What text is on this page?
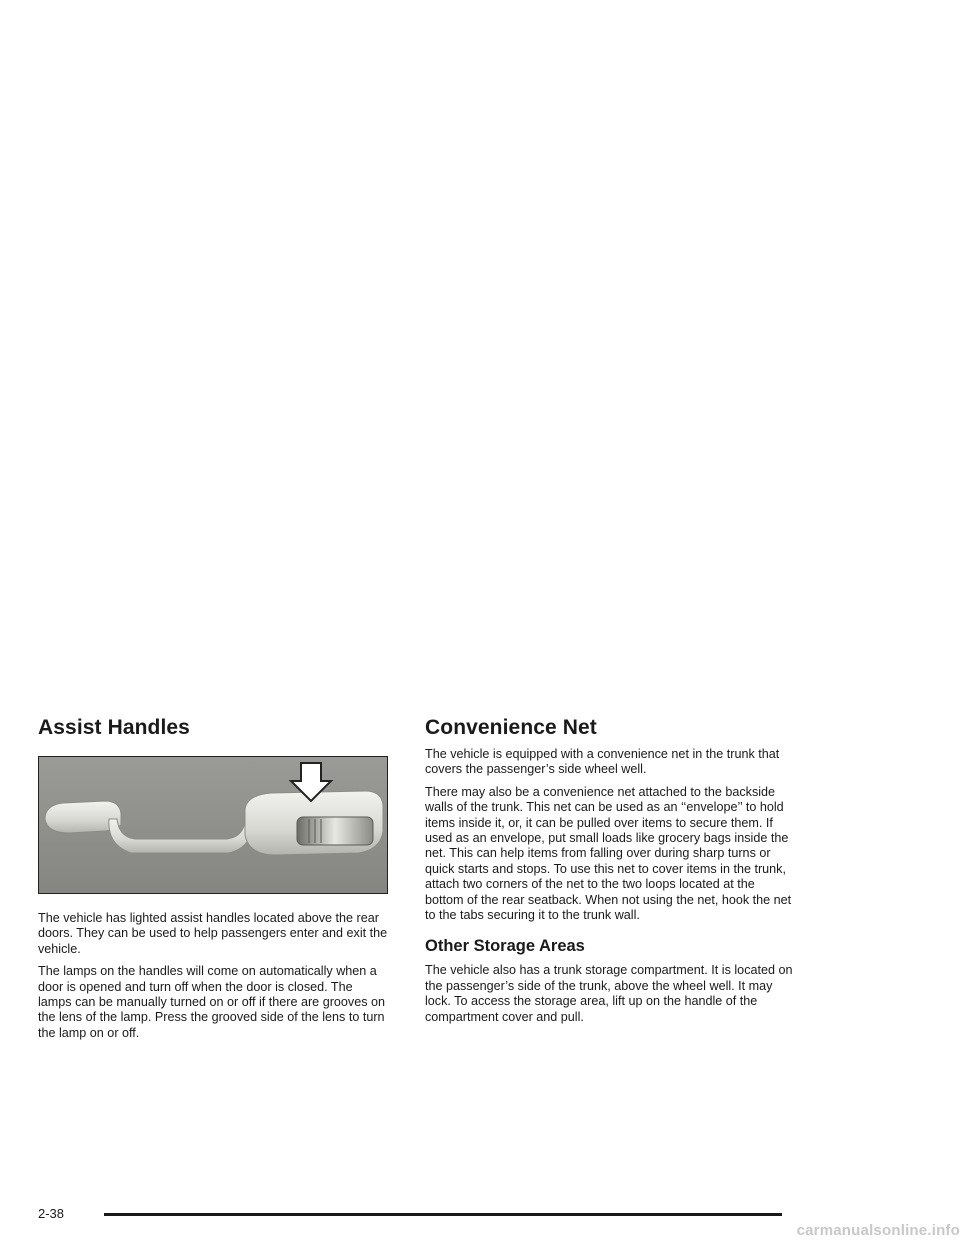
Assist Handles

The vehicle has lighted assist handles located above the rear doors. They can be used to help passengers enter and exit the vehicle.

The lamps on the handles will come on automatically when a door is opened and turn off when the door is closed. The lamps can be manually turned on or off if there are grooves on the lens of the lamp. Press the grooved side of the lens to turn the lamp on or off.

Convenience Net

The vehicle is equipped with a convenience net in the trunk that covers the passenger’s side wheel well.

There may also be a convenience net attached to the backside walls of the trunk. This net can be used as an ‘‘envelope’’ to hold items inside it, or, it can be pulled over items to secure them. If used as an envelope, put small loads like grocery bags inside the net. This can help items from falling over during sharp turns or quick starts and stops. To use this net to cover items in the trunk, attach two corners of the net to the two loops located at the bottom of the rear seatback. When not using the net, hook the net to the tabs securing it to the trunk wall.

Other Storage Areas

The vehicle also has a trunk storage compartment. It is located on the passenger’s side of the trunk, above the wheel well. It may lock. To access the storage area, lift up on the handle of the compartment cover and pull.

2-38
carmanualsonline.info
